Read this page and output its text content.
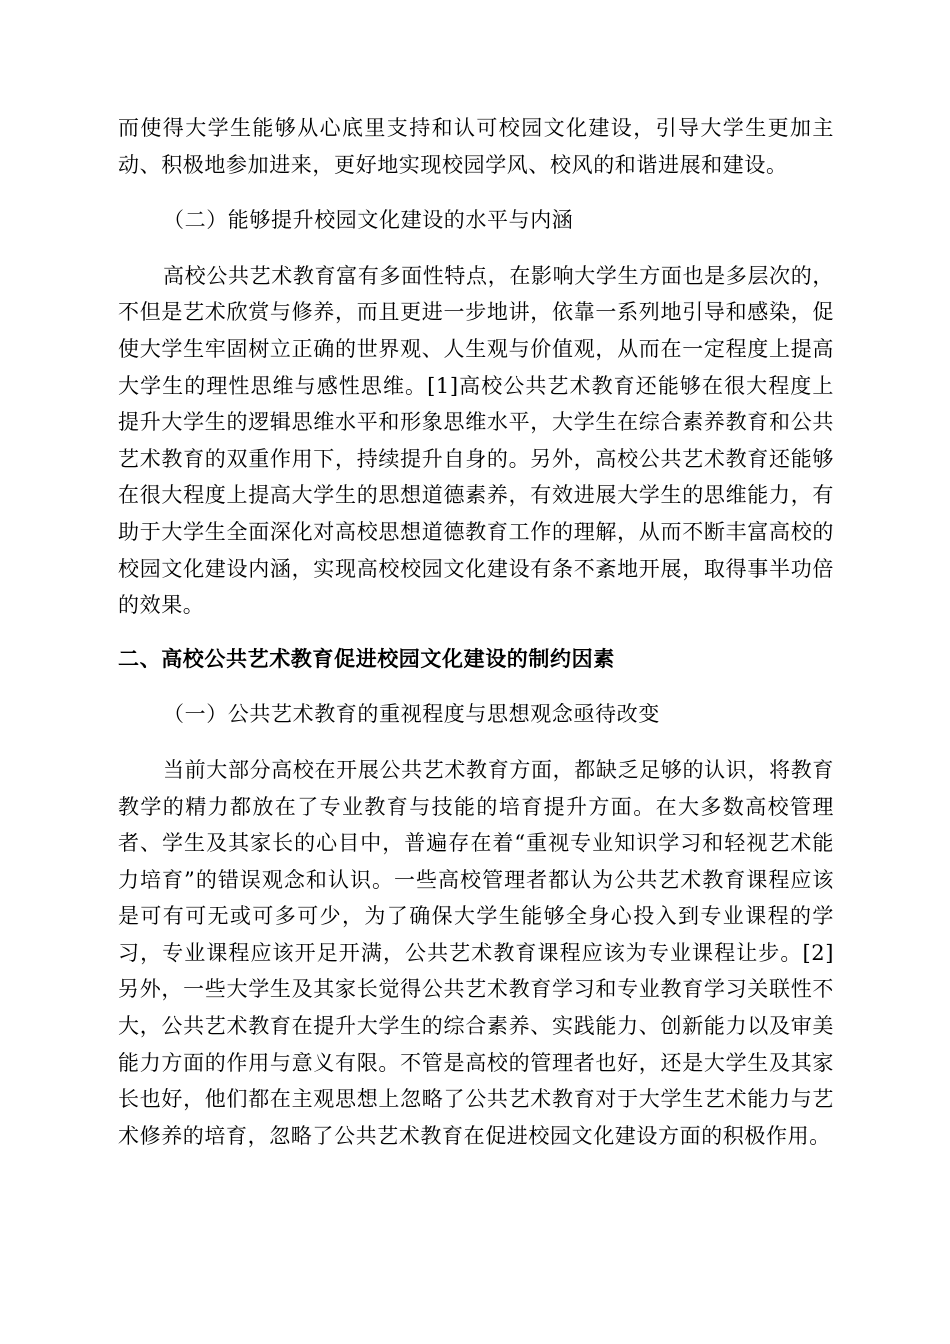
而使得大学生能够从心底里支持和认可校园文化建设，引导大学生更加主动、积极地参加进来，更好地实现校园学风、校风的和谐进展和建设。

（二）能够提升校园文化建设的水平与内涵

高校公共艺术教育富有多面性特点，在影响大学生方面也是多层次的，不但是艺术欣赏与修养，而且更进一步地讲，依靠一系列地引导和感染，促使大学生牢固树立正确的世界观、人生观与价值观，从而在一定程度上提高大学生的理性思维与感性思维。[1]高校公共艺术教育还能够在很大程度上提升大学生的逻辑思维水平和形象思维水平，大学生在综合素养教育和公共艺术教育的双重作用下，持续提升自身的。另外，高校公共艺术教育还能够在很大程度上提高大学生的思想道德素养，有效进展大学生的思维能力，有助于大学生全面深化对高校思想道德教育工作的理解，从而不断丰富高校的校园文化建设内涵，实现高校校园文化建设有条不紊地开展，取得事半功倍的效果。

二、高校公共艺术教育促进校园文化建设的制约因素

（一）公共艺术教育的重视程度与思想观念亟待改变

当前大部分高校在开展公共艺术教育方面，都缺乏足够的认识，将教育教学的精力都放在了专业教育与技能的培育提升方面。在大多数高校管理者、学生及其家长的心目中，普遍存在着“重视专业知识学习和轻视艺术能力培育”的错误观念和认识。一些高校管理者都认为公共艺术教育课程应该是可有可无或可多可少，为了确保大学生能够全身心投入到专业课程的学习，专业课程应该开足开满，公共艺术教育课程应该为专业课程让步。[2]另外，一些大学生及其家长觉得公共艺术教育学习和专业教育学习关联性不大，公共艺术教育在提升大学生的综合素养、实践能力、创新能力以及审美能力方面的作用与意义有限。不管是高校的管理者也好，还是大学生及其家长也好，他们都在主观思想上忽略了公共艺术教育对于大学生艺术能力与艺术修养的培育，忽略了公共艺术教育在促进校园文化建设方面的积极作用。
